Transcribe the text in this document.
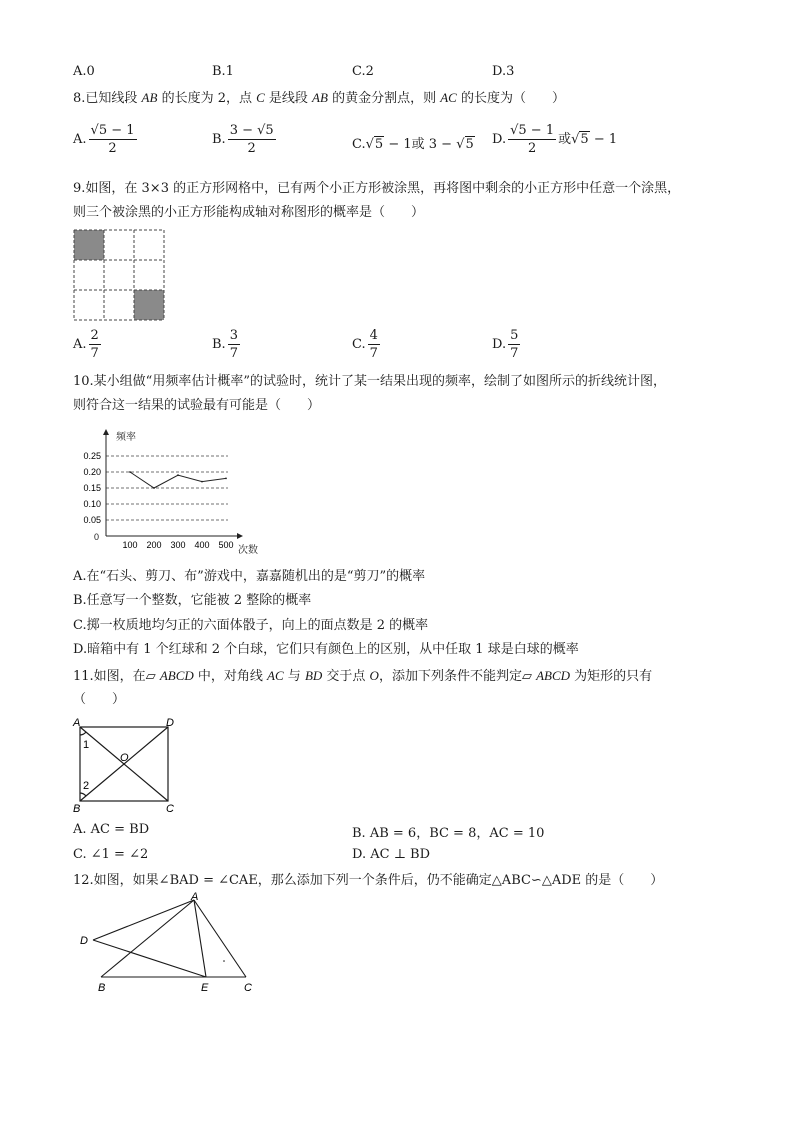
A.0	B.1	C.2	D.3
8.已知线段 AB 的长度为 2，点 C 是线段 AB 的黄金分割点，则 AC 的长度为（　　）
A. $\frac{√5 - 1}{2}$	B. $\frac{3 - √5}{2}$	C.√5 − 1或 3 − √5 D. $\frac{√5 - 1}{2}$ 或√5 − 1
9.如图，在 3×3 的正方形网格中，已有两个小正方形被涂黑，再将图中剩余的小正方形中任意一个涂黑，
则三个被涂黑的小正方形能构成轴对称图形的概率是（　　）
A. $\frac{2}{7}$	B. $\frac{3}{7}$	C. $\frac{4}{7}$	D. $\frac{5}{7}$
10.某小组做“用频率估计概率”的试验时，统计了某一结果出现的频率，绘制了如图所示的折线统计图，
则符合这一结果的试验最有可能是（　　）
频率
次数
0
0.25
0.20
0.15
0.10
0.05
100 200 300 400 500
A.在“石头、剪刀、布”游戏中，嘉嘉随机出的是“剪刀”的概率
B.任意写一个整数，它能被 2 整除的概率
C.掷一枚质地均匀正的六面体骰子，向上的面点数是 2 的概率
D.暗箱中有 1 个红球和 2 个白球，它们只有颜色上的区别，从中任取 1 球是白球的概率
11.如图，在▱ ABCD 中，对角线 AC 与 BD 交于点 O，添加下列条件不能判定▱ ABCD 为矩形的只有
（　　）
A	D
B	C
O
1
2
A. AC = BD	B. AB = 6，BC = 8，AC = 10
C. ∠1 = ∠2	D. AC ⊥ BD
12.如图，如果∠BAD = ∠CAE，那么添加下列一个条件后，仍不能确定△ABC∽△ADE 的是（　　）
A
D
B	E	C
